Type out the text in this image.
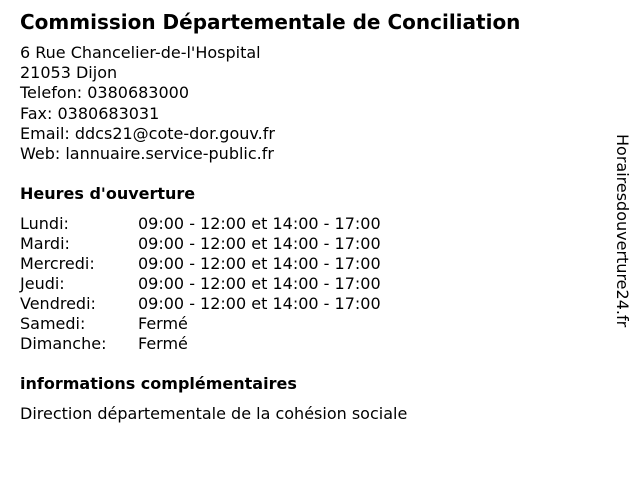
Commission Départementale de Conciliation
6 Rue Chancelier-de-l'Hospital
21053 Dijon
Telefon: 0380683000
Fax: 0380683031
Email: ddcs21@cote-dor.gouv.fr
Web: lannuaire.service-public.fr
Heures d'ouverture
Lundi:	09:00 - 12:00 et 14:00 - 17:00
Mardi:	09:00 - 12:00 et 14:00 - 17:00
Mercredi:	09:00 - 12:00 et 14:00 - 17:00
Jeudi:	09:00 - 12:00 et 14:00 - 17:00
Vendredi:	09:00 - 12:00 et 14:00 - 17:00
Samedi:	Fermé
Dimanche: Fermé
informations complémentaires
Direction départementale de la cohésion sociale
Horairesdouverture24.fr
